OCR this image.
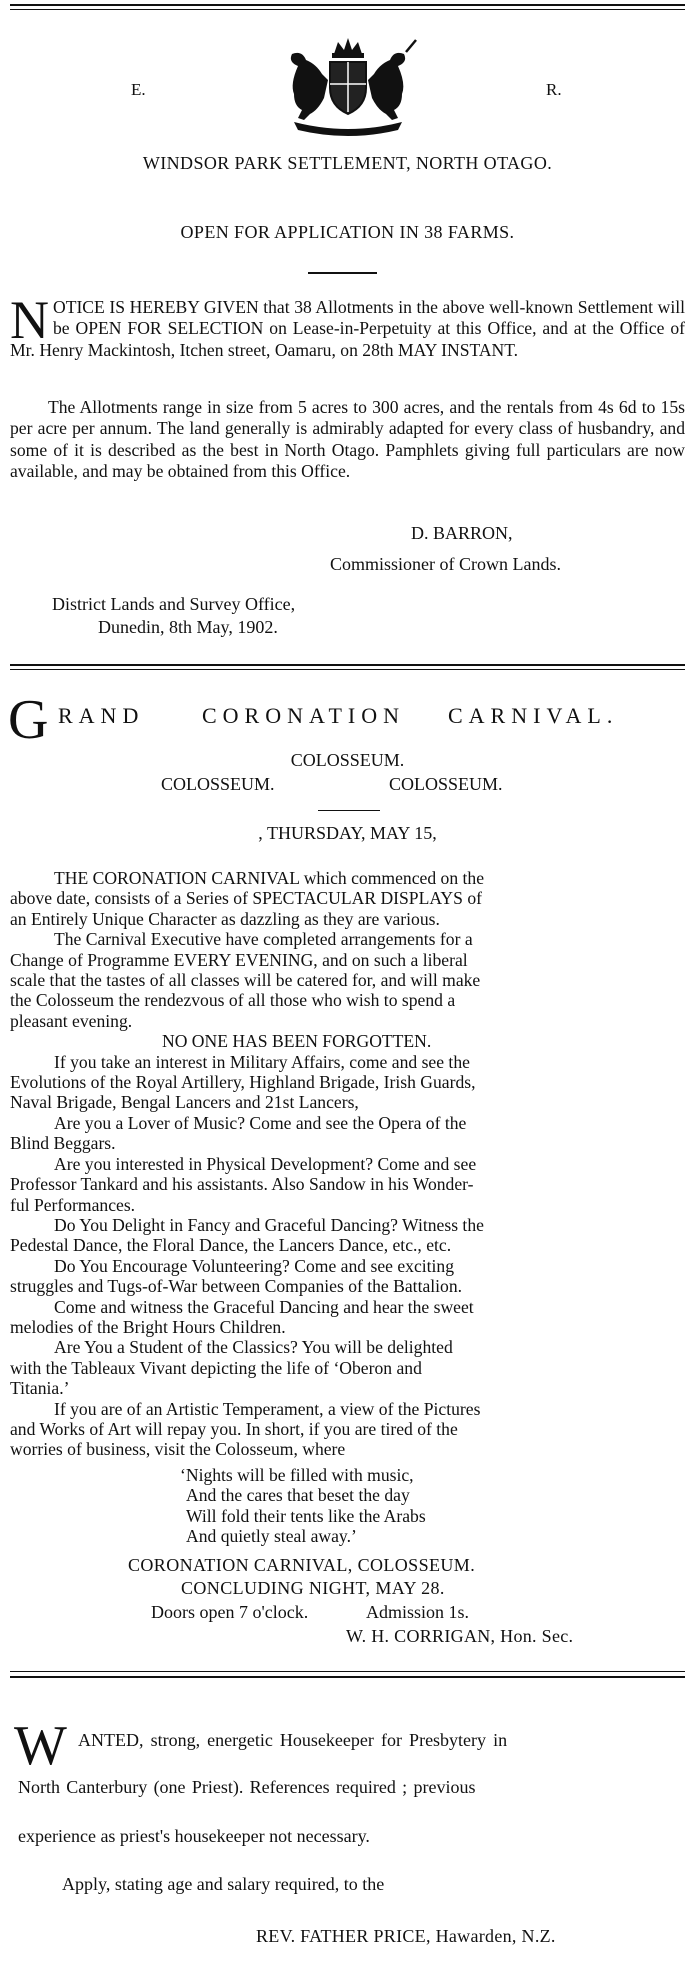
E.	R.
WINDSOR PARK SETTLEMENT, NORTH OTAGO.
OPEN FOR APPLICATION IN 38 FARMS.
N OTICE IS HEREBY GIVEN that 38 Allotments in the above well-known Settlement will be OPEN FOR SELECTION on Lease-in-Perpetuity at this Office, and at the Office of Mr. Henry Mackintosh, Itchen street, Oamaru, on 28th MAY INSTANT.
The Allotments range in size from 5 acres to 300 acres, and the rentals from 4s 6d to 15s per acre per annum. The land generally is admirably adapted for every class of husbandry, and some of it is described as the best in North Otago. Pamphlets giving full particulars are now available, and may be obtained from this Office.
D. BARRON,
Commissioner of Crown Lands.
District Lands and Survey Office,
Dunedin, 8th May, 1902.
G RAND	CORONATION CARNIVAL.
COLOSSEUM.
COLOSSEUM.	COLOSSEUM.
, THURSDAY, MAY 15,
THE CORONATION CARNIVAL which commenced on the
above date, consists of a Series of SPECTACULAR DISPLAYS of
an Entirely Unique Character as dazzling as they are various.
The Carnival Executive have completed arrangements for a
Change of Programme EVERY EVENING, and on such a liberal
scale that the tastes of all classes will be catered for, and will make
the Colosseum the rendezvous of all those who wish to spend a
pleasant evening.
NO ONE HAS BEEN FORGOTTEN.
If you take an interest in Military Affairs, come and see the
Evolutions of the Royal Artillery, Highland Brigade, Irish Guards,
Naval Brigade, Bengal Lancers and 21st Lancers,
Are you a Lover of Music? Come and see the Opera of the
Blind Beggars.
Are you interested in Physical Development? Come and see
Professor Tankard and his assistants. Also Sandow in his Wonder-
ful Performances.
Do You Delight in Fancy and Graceful Dancing? Witness the
Pedestal Dance, the Floral Dance, the Lancers Dance, etc., etc.
Do You Encourage Volunteering? Come and see exciting
struggles and Tugs-of-War between Companies of the Battalion.
Come and witness the Graceful Dancing and hear the sweet
melodies of the Bright Hours Children.
Are You a Student of the Classics? You will be delighted
with the Tableaux Vivant depicting the life of ‘Oberon and
Titania.’
If you are of an Artistic Temperament, a view of the Pictures
and Works of Art will repay you. In short, if you are tired of the
worries of business, visit the Colosseum, where
‘Nights will be filled with music,
And the cares that beset the day
Will fold their tents like the Arabs
And quietly steal away.’
CORONATION CARNIVAL, COLOSSEUM.
CONCLUDING NIGHT, MAY 28.
Doors open 7 o'clock.	Admission 1s.
W. H. CORRIGAN, Hon. Sec.
W ANTED, strong, energetic Housekeeper for Presbytery in
North Canterbury (one Priest). References required ; previous
experience as priest's housekeeper not necessary.
Apply, stating age and salary required, to the
REV. FATHER PRICE, Hawarden, N.Z.
